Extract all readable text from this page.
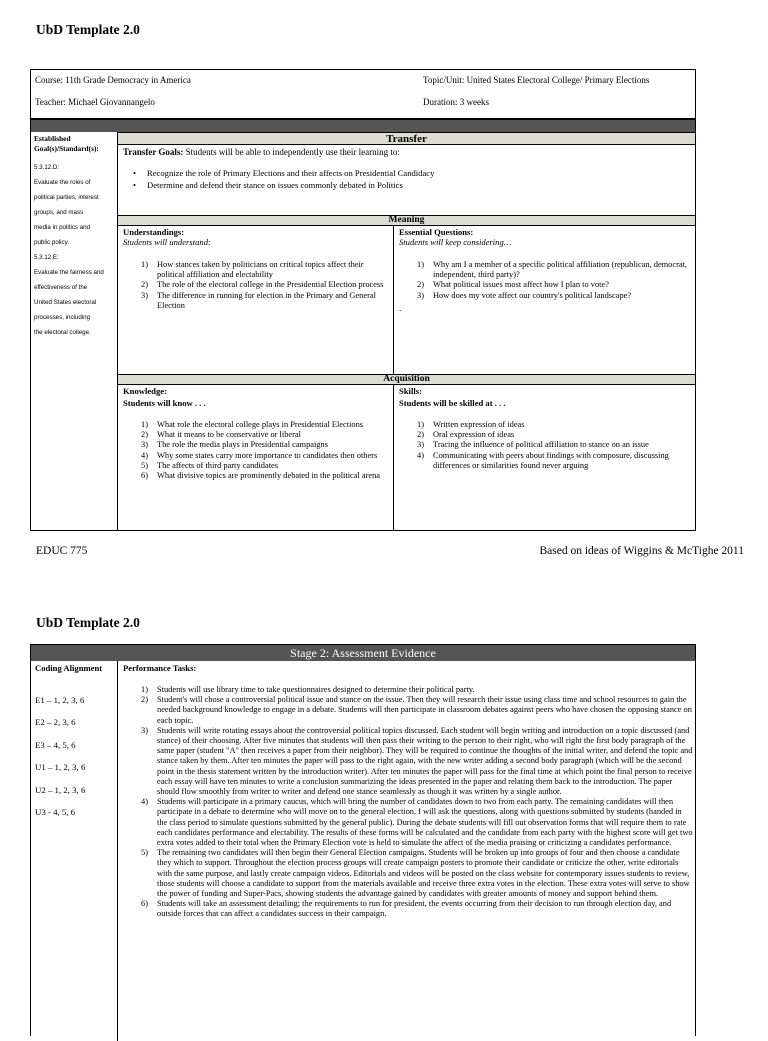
UbD Template 2.0
Course: 11th Grade Democracy in America	Topic/Unit: United States Electoral College/ Primary Elections
Teacher: Michael Giovannangelo	Duration: 3 weeks
Established Goal(s)/Standard(s):
5.3.12.D:

Evaluate the roles of

political parties, interest

groups, and mass

media in politics and

public policy.

5.3.12.E:

Evaluate the fairness and

effectiveness of the

United States electoral

processes, including

the electoral college.
Transfer
Transfer Goals: Students will be able to independently use their learning to:
• Recognize the role of Primary Elections and their affects on Presidential Candidacy
• Determine and defend their stance on issues commonly debated in Politics
Meaning
Understandings:
Students will understand:
1) How stances taken by politicians on critical topics affect their political affiliation and electability
2) The role of the electoral college in the Presidential Election process
3) The difference in running for election in the Primary and General Election
Essential Questions:
Students will keep considering…
1) Why am I a member of a specific political affiliation (republican, democrat, independent, third party)?
2) What political issues most affect how I plan to vote?
3) How does my vote affect our country's political landscape?
.
Acquisition
Knowledge:
Students will know . . .
1) What role the electoral college plays in Presidential Elections
2) What it means to be conservative or liberal
3) The role the media plays in Presidential campaigns
4) Why some states carry more importance to candidates then others
5) The affects of third party candidates
6) What divisive topics are prominently debated in the political arena
Skills:
Students will be skilled at . . .
1) Written expression of ideas
2) Oral expression of ideas
3) Tracing the influence of political affiliation to stance on an issue
4) Communicating with peers about findings with composure, discussing differences or similarities found never arguing
EDUC 775	Based on ideas of Wiggins & McTighe 2011
UbD Template 2.0
Stage 2: Assessment Evidence
Coding Alignment
E1 – 1, 2, 3, 6
E2 – 2, 3, 6
E3 – 4, 5, 6
U1 – 1, 2, 3, 6
U2 – 1, 2, 3, 6
U3 - 4, 5, 6
Performance Tasks:
1) Students will use library time to take questionnaires designed to determine their political party.
2) Student's will chose a controversial political issue and stance on the issue. Then they will research their issue using class time and school resources to gain the needed background knowledge to engage in a debate. Students will then participate in classroom debates against peers who have chosen the opposing stance on each topic.
3) Students will write rotating essays about the controversial political topics discussed. Each student will begin writing and introduction on a topic discussed (and stance) of their choosing. After five minutes that students will then pass their writing to the person to their right, who will right the first body paragraph of the same paper (student "A" then receives a paper from their neighbor). They will be required to continue the thoughts of the initial writer, and defend the topic and stance taken by them. After ten minutes the paper will pass to the right again, with the new writer adding a second body paragraph (which will be the second point in the thesis statement written by the introduction writer). After ten minutes the paper will pass for the final time at which point the final person to receive each essay will have ten minutes to write a conclusion summarizing the ideas presented in the paper and relating them back to the introduction. The paper should flow smoothly from writer to writer and defend one stance seamlessly as though it was written by a single author.
4) Students will participate in a primary caucus, which will bring the number of candidates down to two from each party. The remaining candidates will then participate in a debate to determine who will move on to the general election. I will ask the questions, along with questions submitted by students (handed in the class period to simulate questions submitted by the general public). During the debate students will fill out observation forms that will require them to rate each candidates performance and electability. The results of these forms will be calculated and the candidate from each party with the highest score will get two extra votes added to their total when the Primary Election vote is held to simulate the affect of the media praising or criticizing a candidates performance.
5) The remaining two candidates will then begin their General Election campaigns. Students will be broken up into groups of four and then choose a candidate they which to support. Throughout the election process groups will create campaign posters to promote their candidate or criticize the other, write editorials with the same purpose, and lastly create campaign videos. Editorials and videos will be posted on the class website for contemporary issues students to review, those students will choose a candidate to support from the materials available and receive three extra votes in the election. These extra votes will serve to show the power of funding and Super-Pacs, showing students the advantage gained by candidates with greater amounts of money and support behind them.
6) Students will take an assessment detailing; the requirements to run for president, the events occurring from their decision to run through election day, and outside forces that can affect a candidates success in their campaign.
